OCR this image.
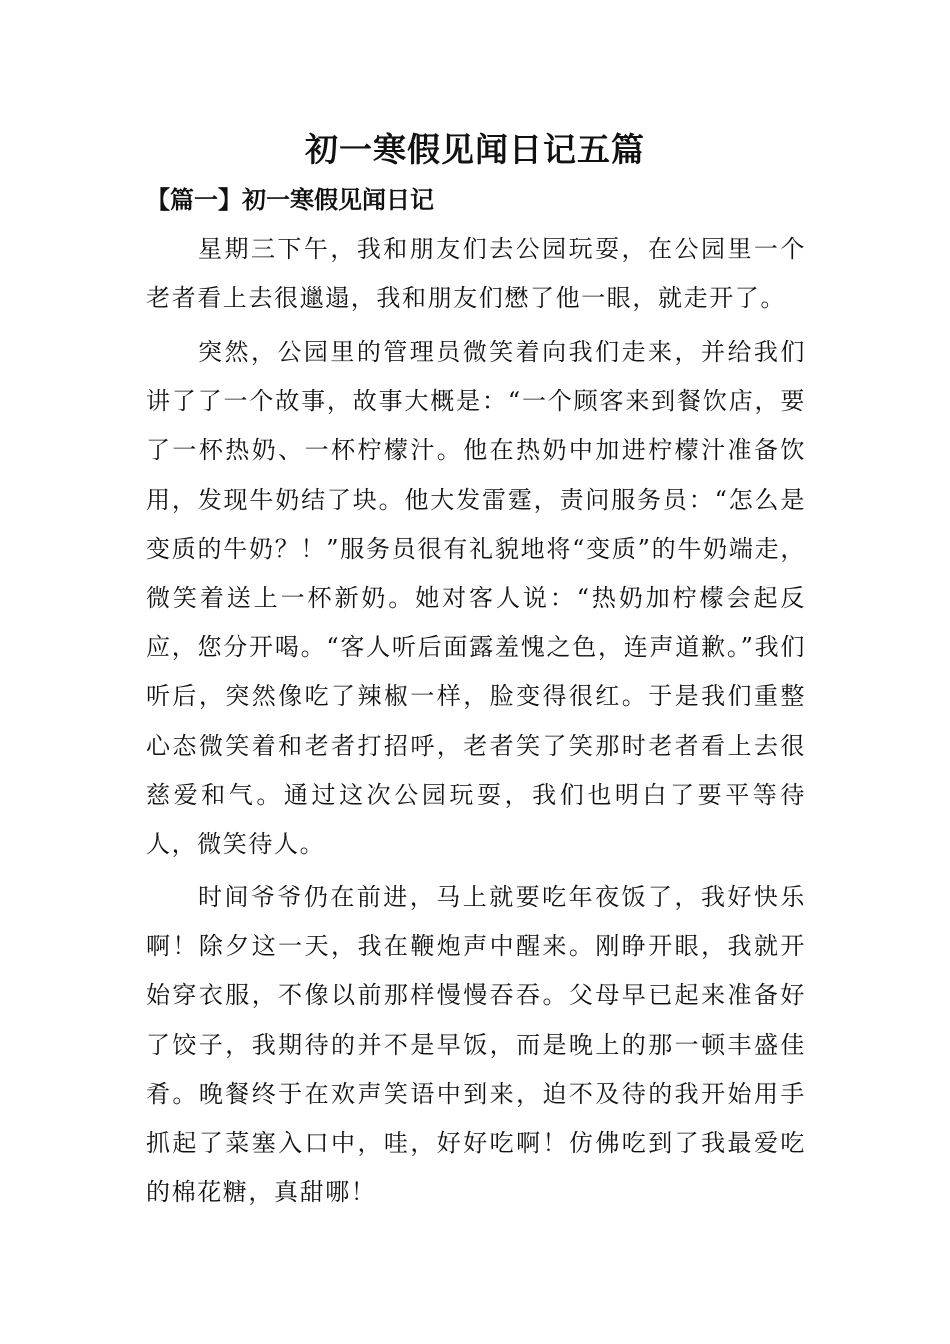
初一寒假见闻日记五篇
【篇一】初一寒假见闻日记

星期三下午，我和朋友们去公园玩耍，在公园里一个老者看上去很邋遢，我和朋友们懋了他一眼，就走开了。

突然，公园里的管理员微笑着向我们走来，并给我们讲了了一个故事，故事大概是：“一个顾客来到餐饮店，要了一杯热奶、一杯柠檬汁。他在热奶中加进柠檬汁准备饮用，发现牛奶结了块。他大发雷霆，责问服务员：“怎么是变质的牛奶？！”服务员很有礼貌地将“变质”的牛奶端走，微笑着送上一杯新奶。她对客人说：“热奶加柠檬会起反应，您分开喝。“客人听后面露羞愧之色，连声道歉。”我们听后，突然像吃了辣椒一样，脸变得很红。于是我们重整心态微笑着和老者打招呼，老者笑了笑那时老者看上去很慈爱和气。通过这次公园玩耍，我们也明白了要平等待人，微笑待人。

时间爷爷仍在前进，马上就要吃年夜饭了，我好快乐啊！除夕这一天，我在鞭炮声中醒来。刚睁开眼，我就开始穿衣服，不像以前那样慢慢吞吞。父母早已起来准备好了饺子，我期待的并不是早饭，而是晚上的那一顿丰盛佳肴。晚餐终于在欢声笑语中到来，迫不及待的我开始用手抓起了菜塞入口中，哇，好好吃啊！仿佛吃到了我最爱吃的棉花糖，真甜哪！
